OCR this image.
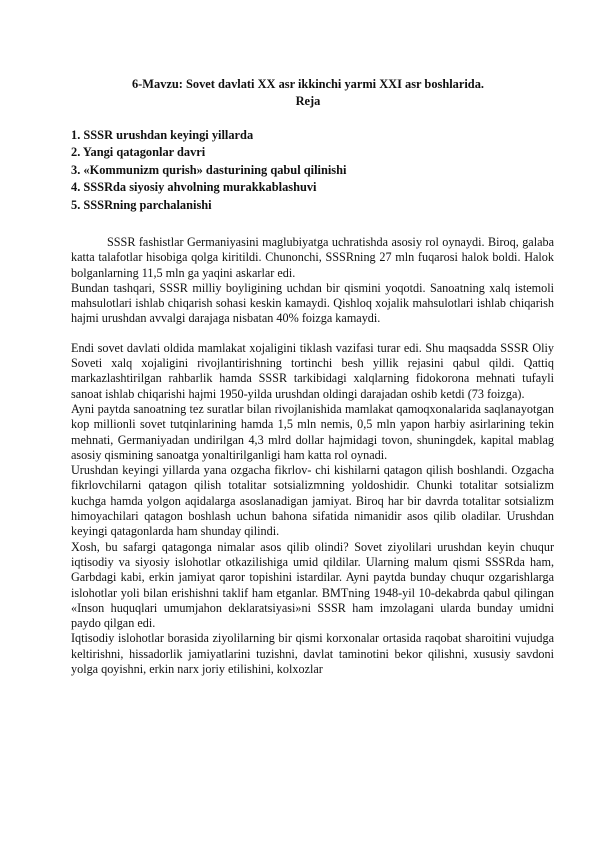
6-Mavzu: Sovet davlati XX asr ikkinchi yarmi XXI asr boshlarida.
Reja
1. SSSR urushdan keyingi yillarda
2. Yangi qatagonlar davri
3. «Kommunizm qurish» dasturining qabul qilinishi
4. SSSRda siyosiy ahvolning murakkablashuvi
5. SSSRning parchalanishi

SSSR fashistlar Germaniyasini maglubiyatga uchratishda asosiy rol oynaydi. Biroq, galaba katta talafotlar hisobiga qolga kiritildi. Chunonchi, SSSRning 27 mln fuqarosi halok boldi. Halok bolganlarning 11,5 mln ga yaqini askarlar edi.

Bundan tashqari, SSSR milliy boyligining uchdan bir qismini yoqotdi. Sanoatning xalq istemoli mahsulotlari ishlab chiqarish sohasi keskin kamaydi. Qishloq xojalik mahsulotlari ishlab chiqarish hajmi urushdan avvalgi darajaga nisbatan 40% foizga kamaydi.

Endi sovet davlati oldida mamlakat xojaligini tiklash vazifasi turar edi. Shu maqsadda SSSR Oliy Soveti xalq xojaligini rivojlantirishning tortinchi besh yillik rejasini qabul qildi. Qattiq markazlashtirilgan rahbarlik hamda SSSR tarkibidagi xalqlarning fidokorona mehnati tufayli sanoat ishlab chiqarishi hajmi 1950-yilda urushdan oldingi darajadan oshib ketdi (73 foizga).

Ayni paytda sanoatning tez suratlar bilan rivojlanishida mamlakat qamoqxonalarida saqlanayotgan kop millionli sovet tutqinlarining hamda 1,5 mln nemis, 0,5 mln yapon harbiy asirlarining tekin mehnati, Germaniyadan undirilgan 4,3 mlrd dollar hajmidagi tovon, shuningdek, kapital mablag asosiy qismining sanoatga yonaltirilganligi ham katta rol oynadi.

Urushdan keyingi yillarda yana ozgacha fikrlov- chi kishilarni qatagon qilish boshlandi. Ozgacha fikrlovchilarni qatagon qilish totalitar sotsializmning yoldoshidir. Chunki totalitar sotsializm kuchga hamda yolgon aqidalarga asoslanadigan jamiyat. Biroq har bir davrda totalitar sotsializm himoyachilari qatagon boshlash uchun bahona sifatida nimanidir asos qilib oladilar. Urushdan keyingi qatagonlarda ham shunday qilindi.

Xosh, bu safargi qatagonga nimalar asos qilib olindi? Sovet ziyolilari urushdan keyin chuqur iqtisodiy va siyosiy islohotlar otkazilishiga umid qildilar. Ularning malum qismi SSSRda ham, Garbdagi kabi, erkin jamiyat qaror topishini istardilar. Ayni paytda bunday chuqur ozgarishlarga islohotlar yoli bilan erishishni taklif ham etganlar. BMTning 1948-yil 10-dekabrda qabul qilingan «Inson huquqlari umumjahon deklaratsiyasi»ni SSSR ham imzolagani ularda bunday umidni paydo qilgan edi.

Iqtisodiy islohotlar borasida ziyolilarning bir qismi korxonalar ortasida raqobat sharoitini vujudga keltirishni, hissadorlik jamiyatlarini tuzishni, davlat taminotini bekor qilishni, xususiy savdoni yolga qoyishni, erkin narx joriy etilishini, kolxozlar
